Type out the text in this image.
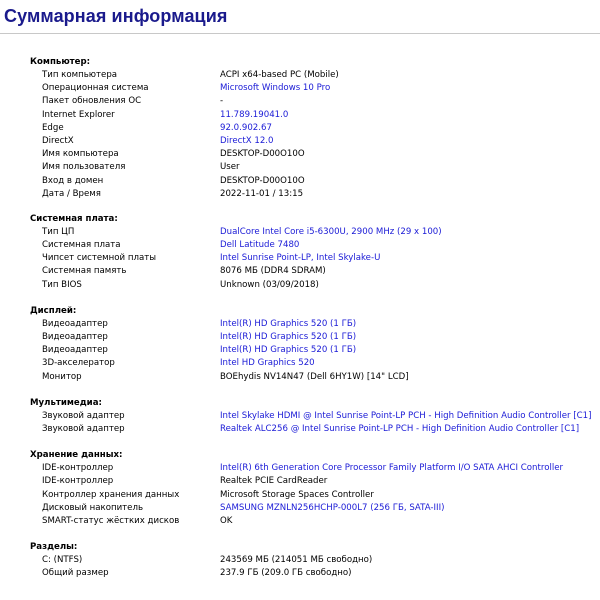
Суммарная информация
Компьютер:
Тип компьютера	ACPI x64-based PC (Mobile)
Операционная система	Microsoft Windows 10 Pro
Пакет обновления ОС	-
Internet Explorer	11.789.19041.0
Edge	92.0.902.67
DirectX	DirectX 12.0
Имя компьютера	DESKTOP-D00O10O
Имя пользователя	User
Вход в домен	DESKTOP-D00O10O
Дата / Время	2022-11-01 / 13:15
Системная плата:
Тип ЦП	DualCore Intel Core i5-6300U, 2900 MHz (29 x 100)
Системная плата	Dell Latitude 7480
Чипсет системной платы	Intel Sunrise Point-LP, Intel Skylake-U
Системная память	8076 МБ (DDR4 SDRAM)
Тип BIOS	Unknown (03/09/2018)
Дисплей:
Видеоадаптер	Intel(R) HD Graphics 520 (1 ГБ)
Видеоадаптер	Intel(R) HD Graphics 520 (1 ГБ)
Видеоадаптер	Intel(R) HD Graphics 520 (1 ГБ)
3D-акселератор	Intel HD Graphics 520
Монитор	BOEhydis NV14N47 (Dell 6HY1W) [14" LCD]
Мультимедиа:
Звуковой адаптер	Intel Skylake HDMI @ Intel Sunrise Point-LP PCH - High Definition Audio Controller [C1]
Звуковой адаптер	Realtek ALC256 @ Intel Sunrise Point-LP PCH - High Definition Audio Controller [C1]
Хранение данных:
IDE-контроллер	Intel(R) 6th Generation Core Processor Family Platform I/O SATA AHCI Controller
IDE-контроллер	Realtek PCIE CardReader
Контроллер хранения данных	Microsoft Storage Spaces Controller
Дисковый накопитель	SAMSUNG MZNLN256HCHP-000L7 (256 ГБ, SATA-III)
SMART-статус жёстких дисков	OK
Разделы:
C: (NTFS)	243569 МБ (214051 МБ свободно)
Общий размер	237.9 ГБ (209.0 ГБ свободно)
